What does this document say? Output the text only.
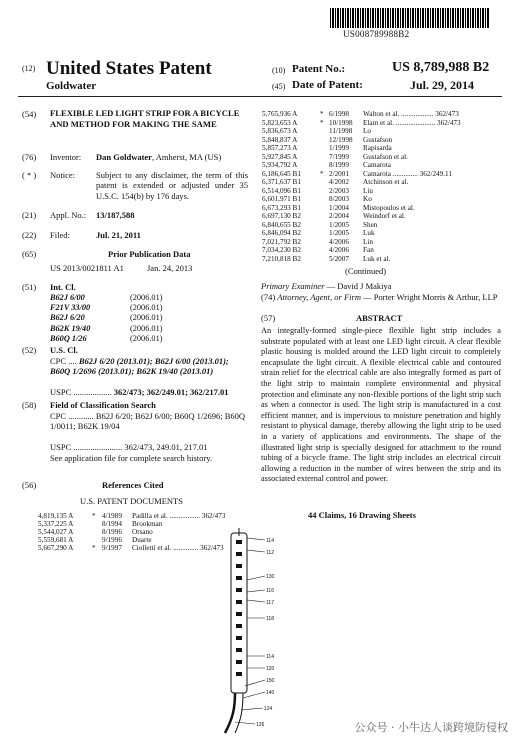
US008789988B2
(12) United States Patent
Goldwater
(10) Patent No.:	US 8,789,988 B2
(45) Date of Patent:	Jul. 29, 2014
(54) FLEXIBLE LED LIGHT STRIP FOR A BICYCLE AND METHOD FOR MAKING THE SAME
(76) Inventor: Dan Goldwater, Amherst, MA (US)
( * ) Notice: Subject to any disclaimer, the term of this patent is extended or adjusted under 35 U.S.C. 154(b) by 176 days.
(21) Appl. No.: 13/187,588
(22) Filed:	Jul. 21, 2011
(65)	Prior Publication Data
US 2013/0021811 A1	Jan. 24, 2013
(51) Int. Cl.
B62J 6/00	(2006.01)
F21V 33/00	(2006.01)
B62J 6/20	(2006.01)
B62K 19/40	(2006.01)
B60Q 1/26	(2006.01)
(52) U.S. Cl.
CPC .... B62J 6/20 (2013.01); B62J 6/00 (2013.01); B60Q 1/2696 (2013.01); B62K 19/40 (2013.01)
USPC .................. 362/473; 362/249.01; 362/217.01
(58) Field of Classification Search
CPC ............ B62J 6/20; B62J 6/00; B60Q 1/2696; B60Q 1/0011; B62K 19/04
USPC ....................... 362/473, 249.01, 217.01
See application file for complete search history.
(56)	References Cited
U.S. PATENT DOCUMENTS
4,819,135 A	* 4/1989 Padilla et al. ................. 362/473
5,337,225 A	8/1994 Brookman
5,544,027 A	8/1996 Orsano
5,559,681 A	9/1996 Duarte
5,667,290 A	* 9/1997 Ciolletti et al. .............. 362/473
5,765,936 A	* 6/1998 Walton et al. .................. 362/473
5,823,653 A	* 10/1998 Elam et al. ...................... 362/473
5,836,673 A	11/1998 Lo
5,848,837 A	12/1998 Gustafson
5,857,273 A	1/1999 Rapisarda
5,927,845 A	7/1999 Gustafson et al.
5,934,792 A	8/1999 Camarota
6,186,645 B1	* 2/2001 Camarota .............. 362/249.11
6,371,637 B1	4/2002 Atchinson et al.
6,514,096 B1	2/2003 Liu
6,601,971 B1	8/2003 Ko
6,673,293 B1	1/2004 Mistopoulos et al.
6,697,130 B2	2/2004 Weindorf et al.
6,840,655 B2	1/2005 Shen
6,846,094 B2	1/2005 Luk
7,021,792 B2	4/2006 Lin
7,034,230 B2	4/2006 Fan
7,210,818 B2	5/2007 Luk et al.
(Continued)
Primary Examiner — David J Makiya
(74) Attorney, Agent, or Firm — Porter Wright Morris & Arthur, LLP
(57)	ABSTRACT
An integrally-formed single-piece flexible light strip includes a substrate populated with at least one LED light circuit. A clear flexible plastic housing is molded around the LED light circuit to completely encapsulate the light circuit. A flexible electrical cable and contoured strain relief for the electrical cable are also integrally formed as part of the light strip to maintain complete environmental and physical protection and eliminate any non-flexible portions of the light strip such as when a connector is used. The light strip is manufactured in a cost efficient manner, and is impervious to moisture penetration and highly resistant to physical damage, thereby allowing the light strip to be used in a variety of applications and environments. The shape of the illustrated light strip is specially designed for attachment to the round tubing of a bicycle frame. The light strip includes an electrical circuit allowing a reduction in the number of wires between the strip and its associated external control and power.
44 Claims, 16 Drawing Sheets
114
112
130
116
117
118
114
120
150
140
124
126	公众号 · 小牛达人谈跨境防侵权
